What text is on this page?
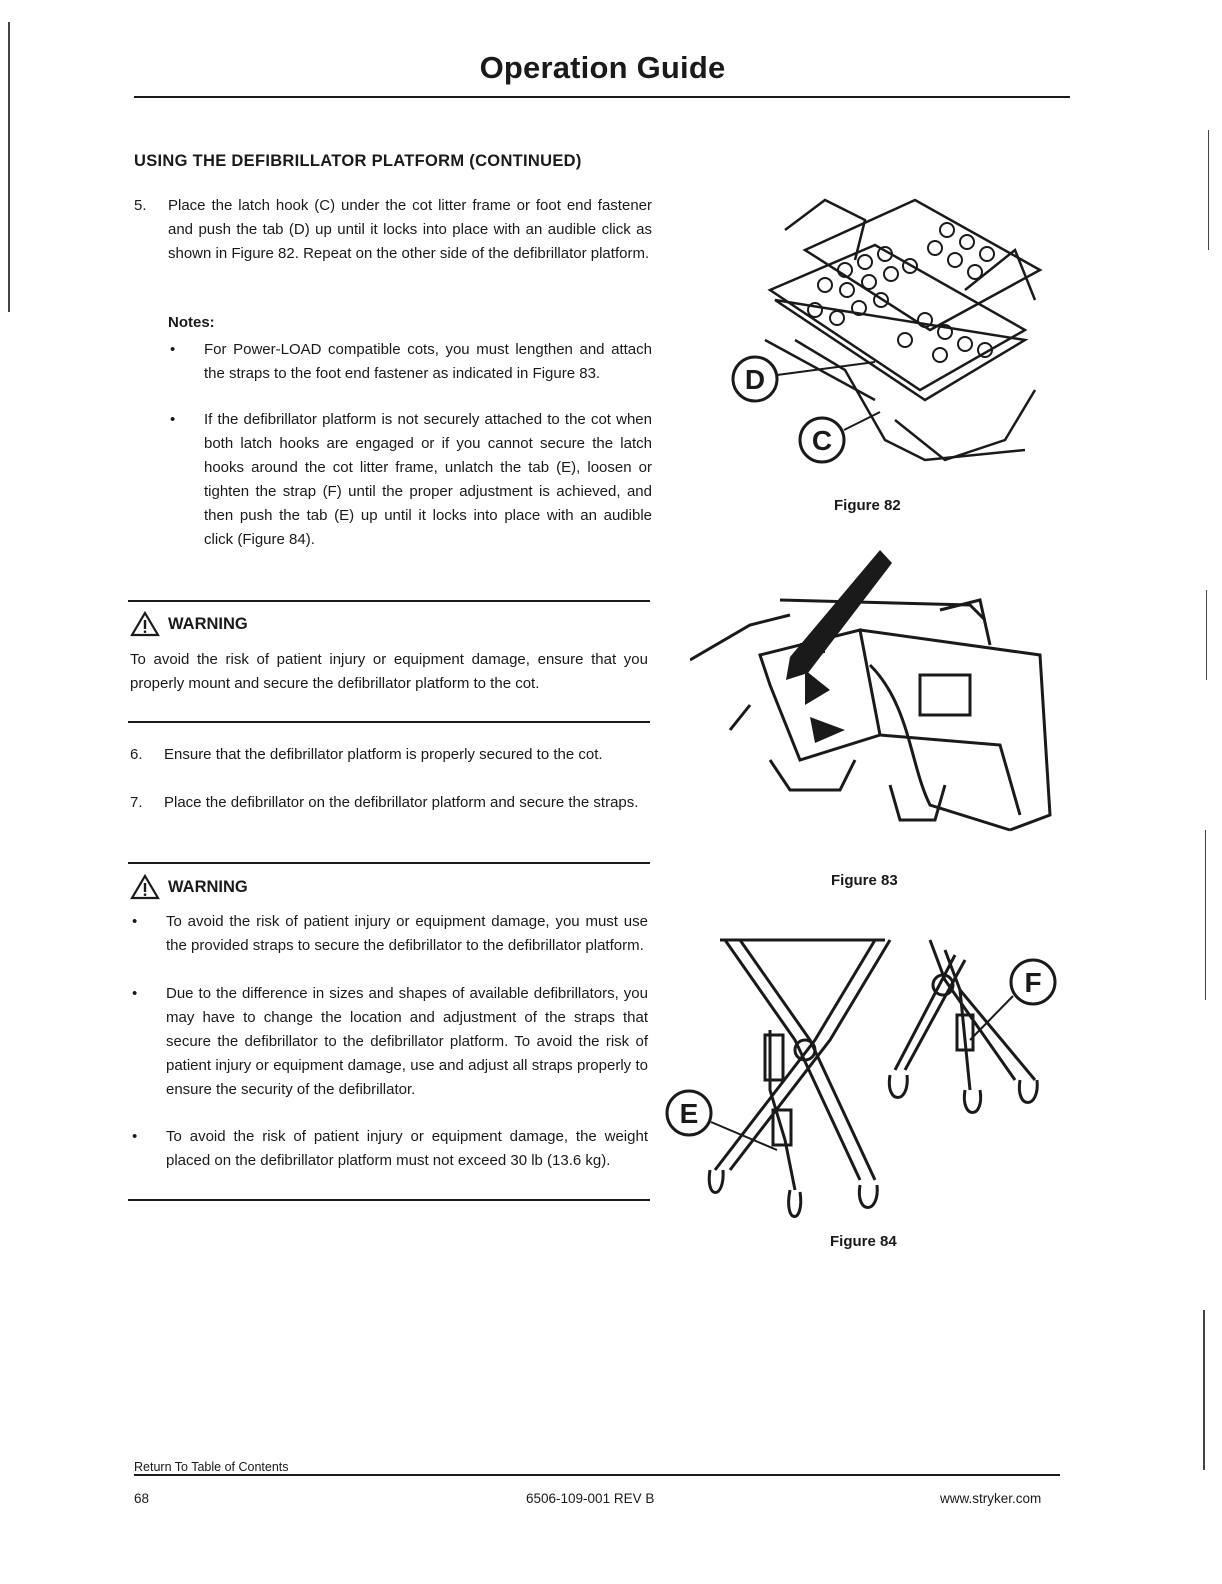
Operation Guide
USING THE DEFIBRILLATOR PLATFORM (CONTINUED)
5.	Place the latch hook (C) under the cot litter frame or foot end fastener and push the tab (D) up until it locks into place with an audible click as shown in Figure 82. Repeat on the other side of the defibrillator platform.
Notes:
•	For Power-LOAD compatible cots, you must lengthen and attach the straps to the foot end fastener as indicated in Figure 83.
•	If the defibrillator platform is not securely attached to the cot when both latch hooks are engaged or if you cannot secure the latch hooks around the cot litter frame, unlatch the tab (E), loosen or tighten the strap (F) until the proper adjustment is achieved, and then push the tab (E) up until it locks into place with an audible click (Figure 84).
WARNING
To avoid the risk of patient injury or equipment damage, ensure that you properly mount and secure the defibrillator platform to the cot.
6.	Ensure that the defibrillator platform is properly secured to the cot.
7.	Place the defibrillator on the defibrillator platform and secure the straps.
WARNING
•	To avoid the risk of patient injury or equipment damage, you must use the provided straps to secure the defibrillator to the defibrillator platform.
•	Due to the difference in sizes and shapes of available defibrillators, you may have to change the location and adjustment of the straps that secure the defibrillator to the defibrillator platform. To avoid the risk of patient injury or equipment damage, use and adjust all straps properly to ensure the security of the defibrillator.
•	To avoid the risk of patient injury or equipment damage, the weight placed on the defibrillator platform must not exceed 30 lb (13.6 kg).
D
C
Figure 82
Figure 83
E
F
Figure 84
Return To Table of Contents
68	6506-109-001 REV B	www.stryker.com
